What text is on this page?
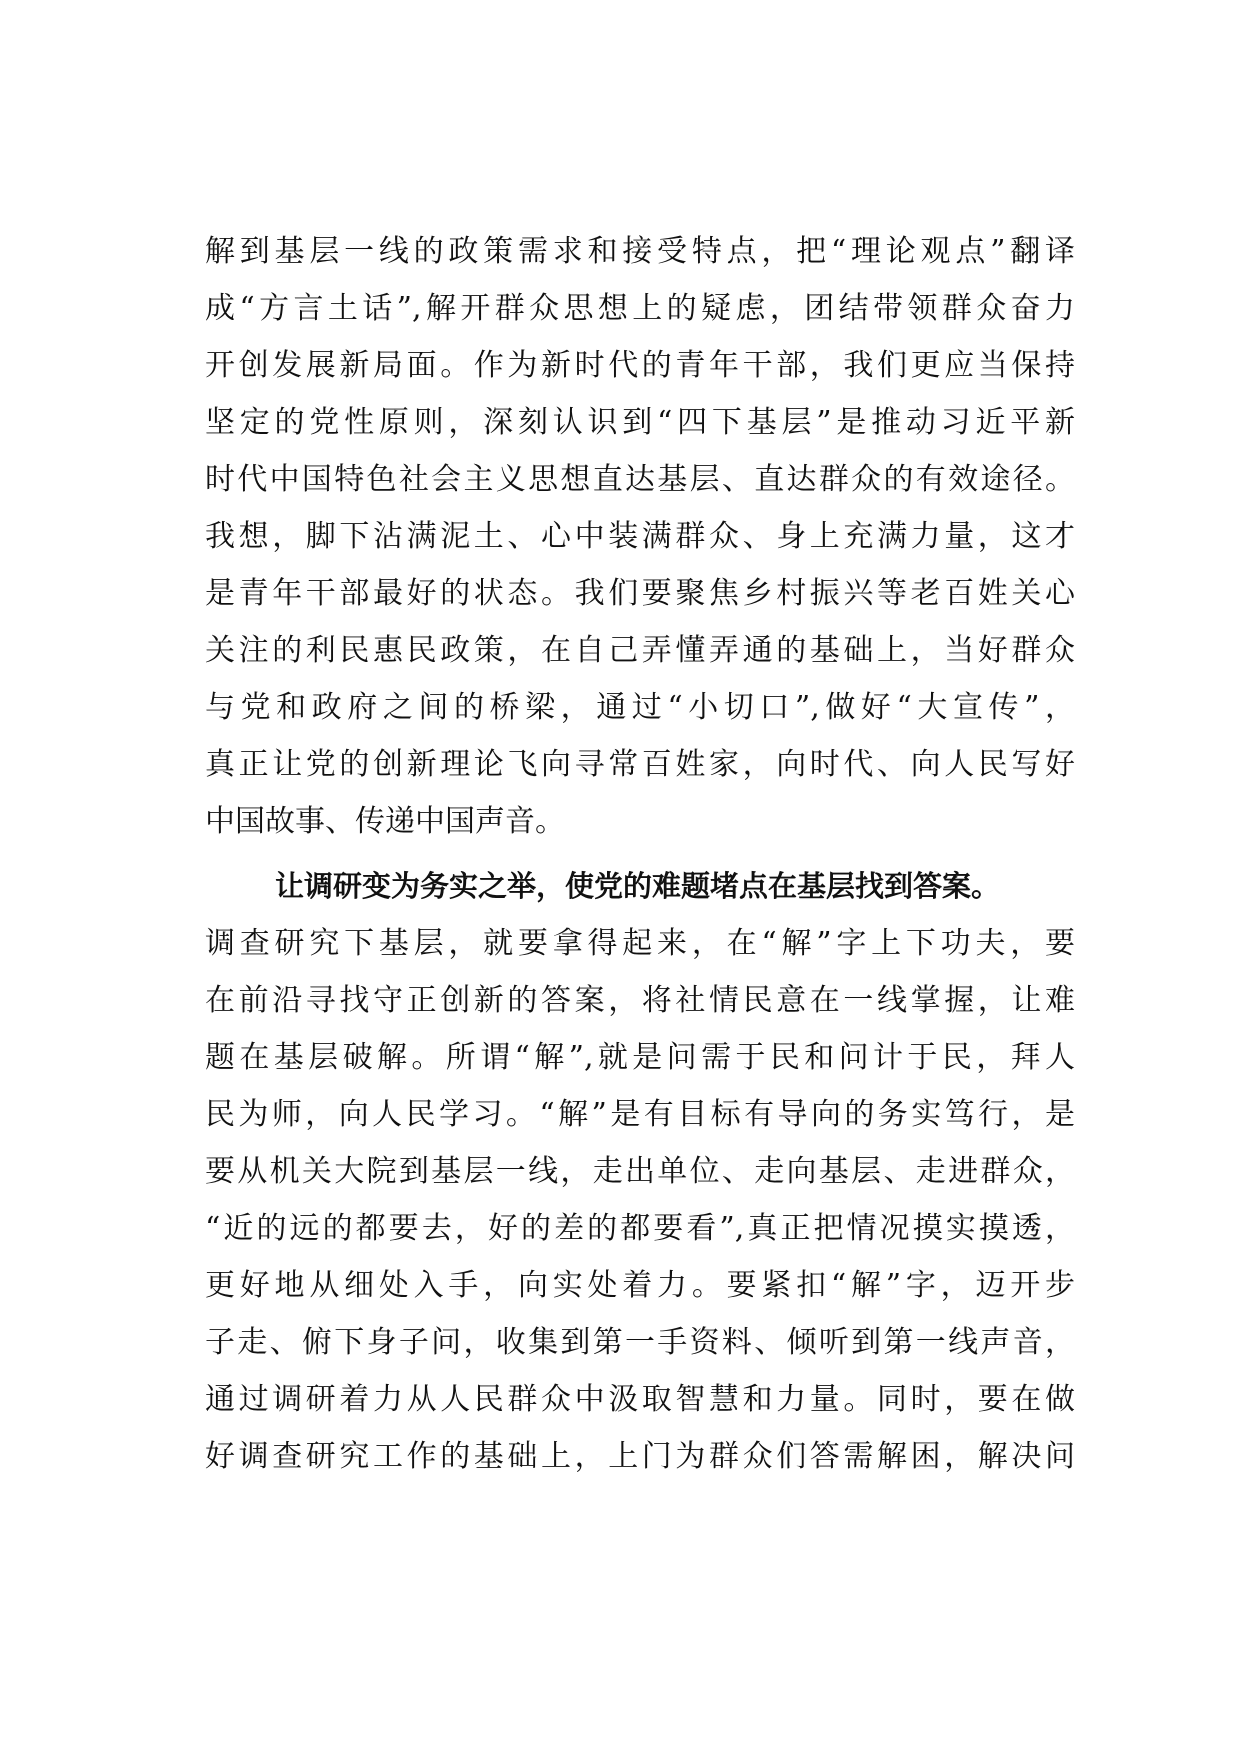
解到基层一线的政策需求和接受特点，把“理论观点”翻译
成“方言土话”,解开群众思想上的疑虑，团结带领群众奋力
开创发展新局面。作为新时代的青年干部，我们更应当保持
坚定的党性原则，深刻认识到“四下基层”是推动习近平新
时代中国特色社会主义思想直达基层、直达群众的有效途径。
我想，脚下沾满泥土、心中装满群众、身上充满力量，这才
是青年干部最好的状态。我们要聚焦乡村振兴等老百姓关心
关注的利民惠民政策，在自己弄懂弄通的基础上，当好群众
与党和政府之间的桥梁，通过“小切口”,做好“大宣传”，
真正让党的创新理论飞向寻常百姓家，向时代、向人民写好
中国故事、传递中国声音。
让调研变为务实之举，使党的难题堵点在基层找到答案。
调查研究下基层，就要拿得起来，在“解”字上下功夫，要
在前沿寻找守正创新的答案，将社情民意在一线掌握，让难
题在基层破解。所谓“解”,就是问需于民和问计于民，拜人
民为师，向人民学习。“解”是有目标有导向的务实笃行，是
要从机关大院到基层一线，走出单位、走向基层、走进群众，
“近的远的都要去，好的差的都要看”,真正把情况摸实摸透，
更好地从细处入手，向实处着力。要紧扣“解”字，迈开步
子走、俯下身子问，收集到第一手资料、倾听到第一线声音，
通过调研着力从人民群众中汲取智慧和力量。同时，要在做
好调查研究工作的基础上，上门为群众们答需解困，解决问
